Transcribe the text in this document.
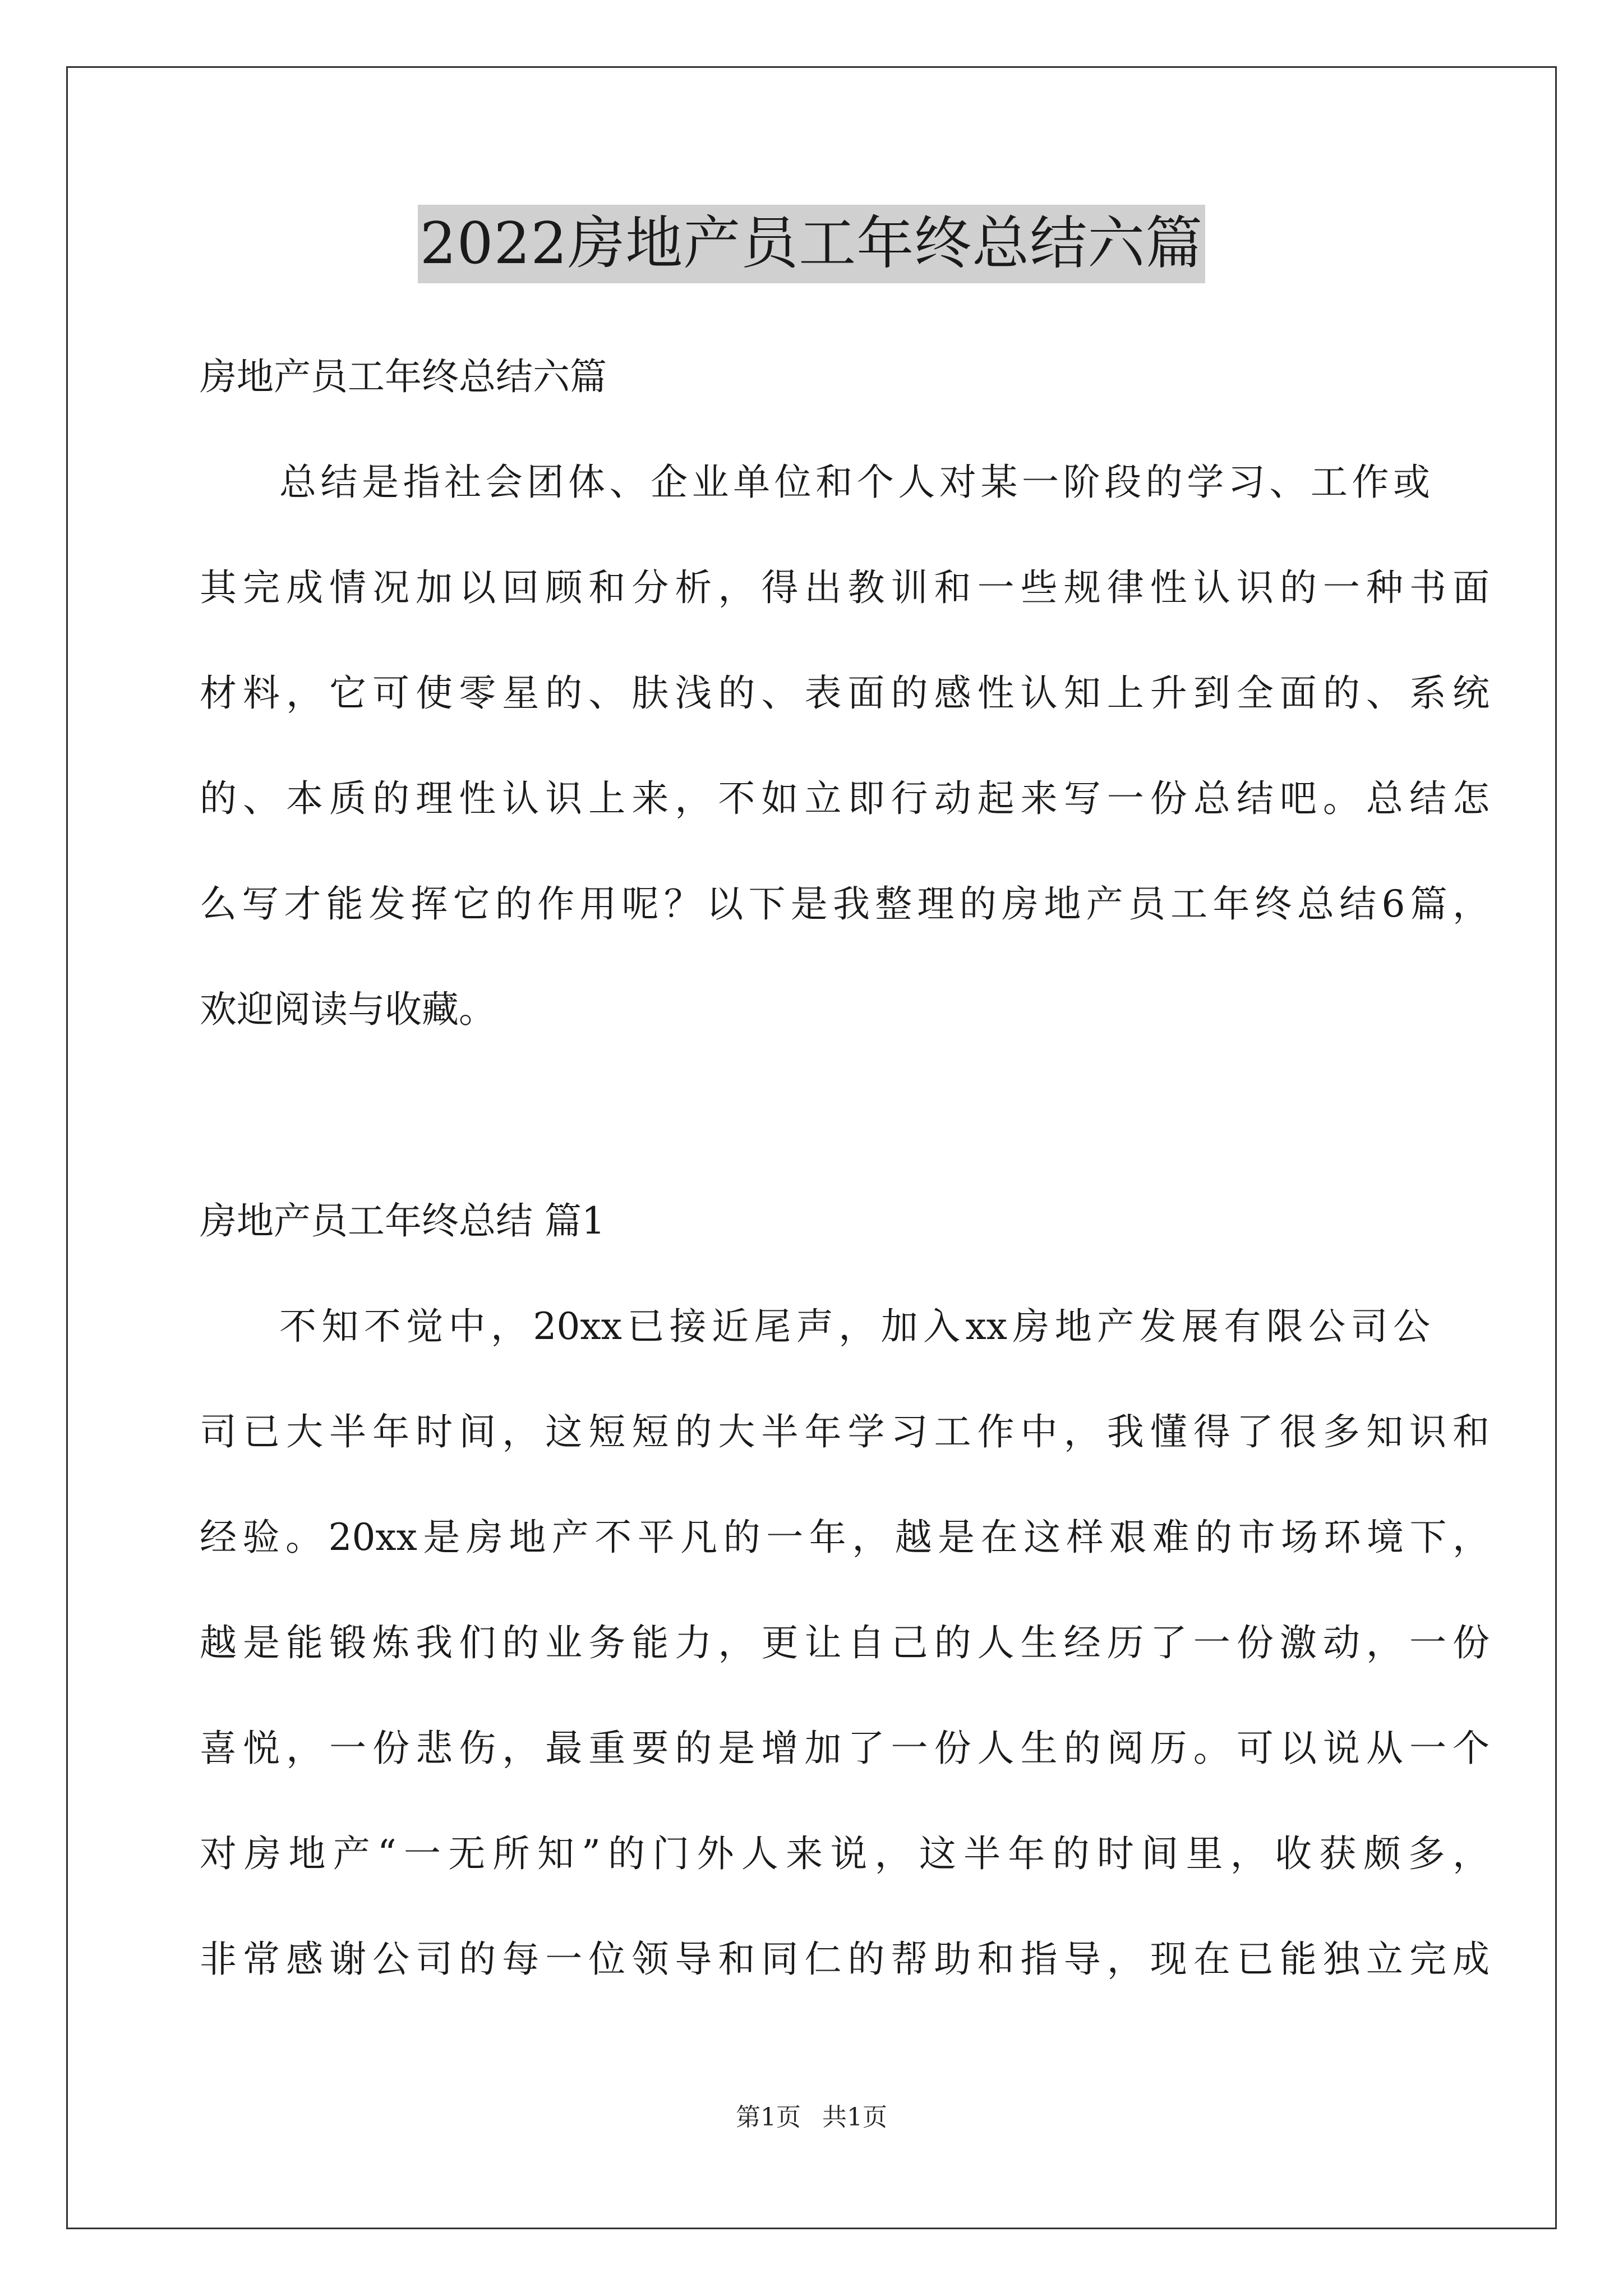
2022房地产员工年终总结六篇
房地产员工年终总结六篇
总结是指社会团体、企业单位和个人对某一阶段的学习、工作或
其完成情况加以回顾和分析，得出教训和一些规律性认识的一种书面
材料，它可使零星的、肤浅的、表面的感性认知上升到全面的、系统
的、本质的理性认识上来，不如立即行动起来写一份总结吧。总结怎
么写才能发挥它的作用呢？以下是我整理的房地产员工年终总结6篇，
欢迎阅读与收藏。
房地产员工年终总结 篇1
不知不觉中，20xx已接近尾声，加入xx房地产发展有限公司公
司已大半年时间，这短短的大半年学习工作中，我懂得了很多知识和
经验。20xx是房地产不平凡的一年，越是在这样艰难的市场环境下，
越是能锻炼我们的业务能力，更让自己的人生经历了一份激动，一份
喜悦，一份悲伤，最重要的是增加了一份人生的阅历。可以说从一个
对房地产“一无所知”的门外人来说，这半年的时间里，收获颇多，
非常感谢公司的每一位领导和同仁的帮助和指导，现在已能独立完成
第1页 共1页
